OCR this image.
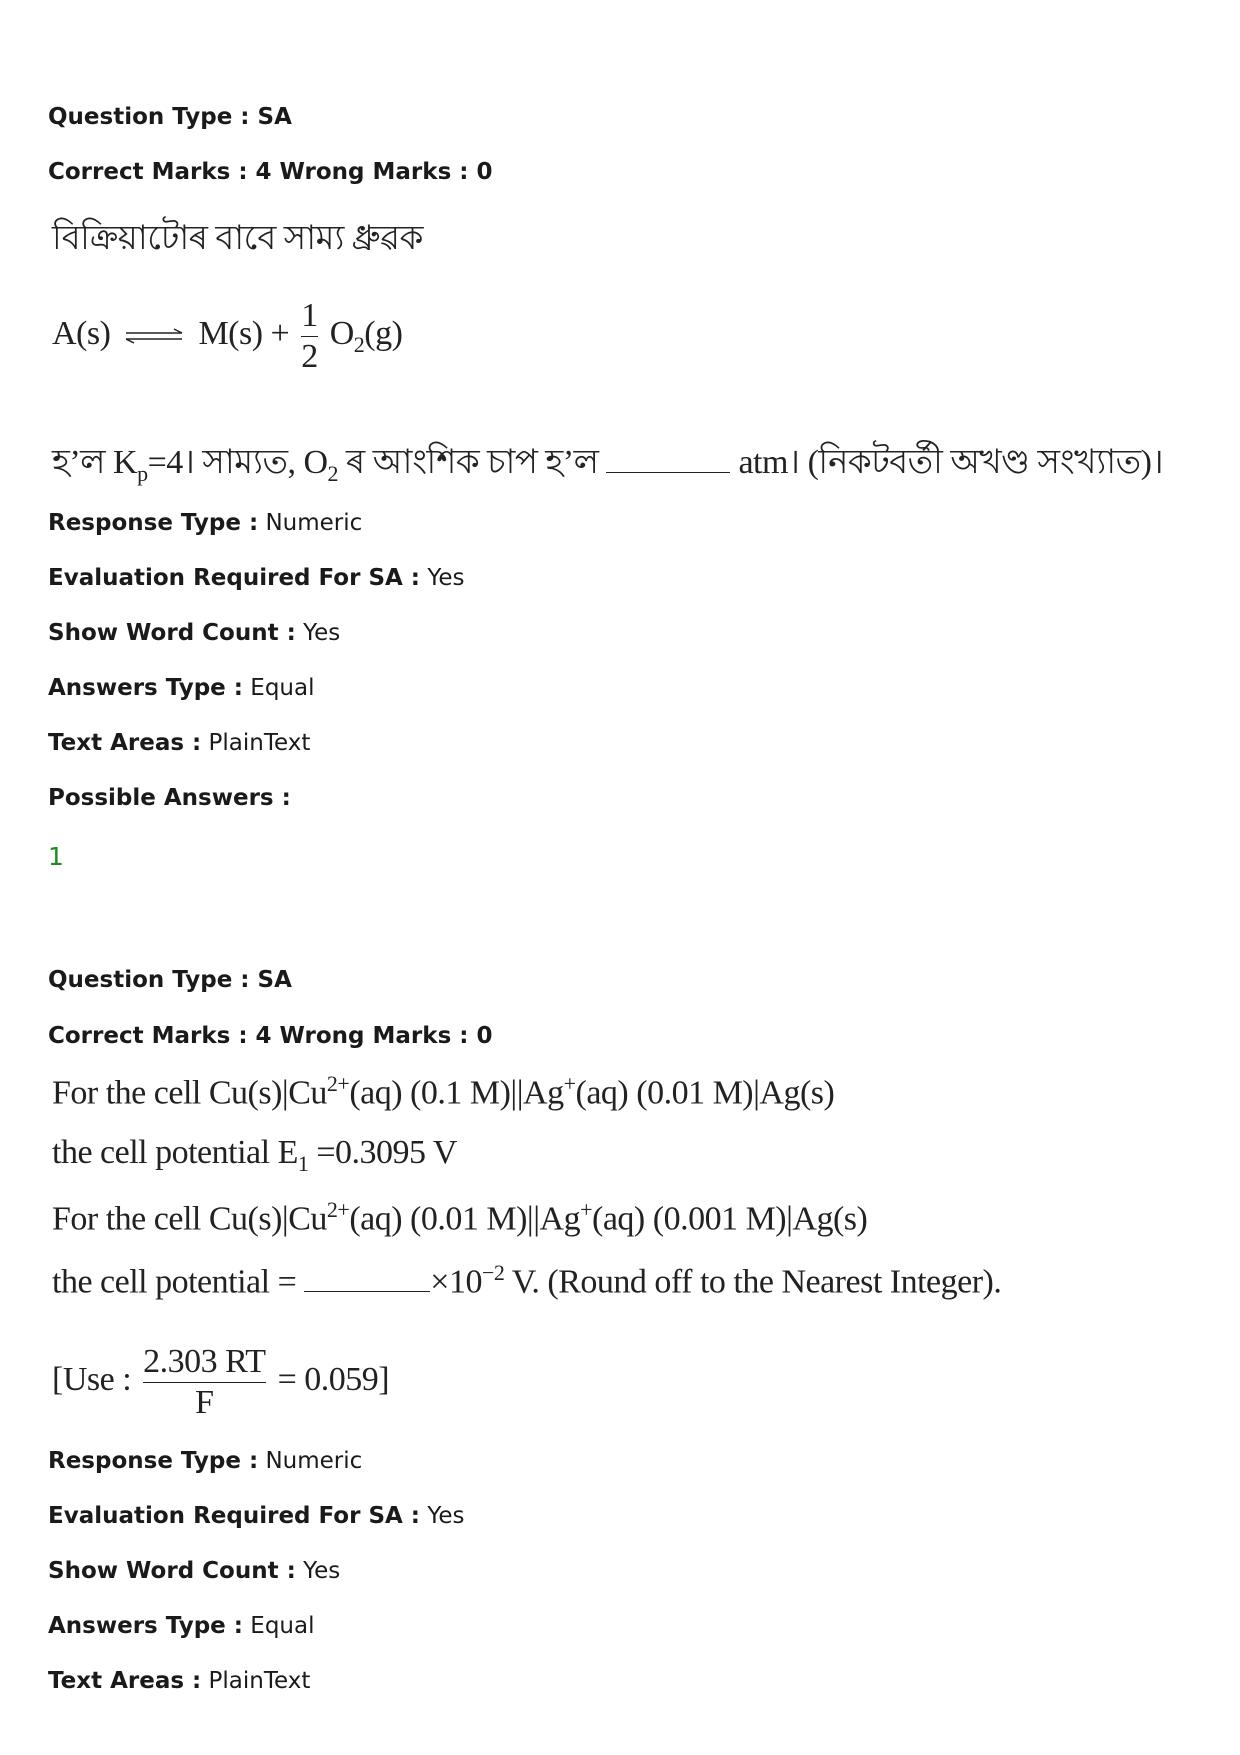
Question Type : SA
Correct Marks : 4 Wrong Marks : 0
বিক্ৰিয়াটোৰ বাবে সাম্য ধ্ৰুৱক
A(s) ⇌ $M(s) + \frac{1}{2} O_2(g)$
হ’ল $K_p=4।$ সাম্যত, $O_2$ ৰ আংশিক চাপ হ’ল	atm। (নিকটবৰ্তী অখণ্ড সংখ্যাত)।
Response Type : Numeric
Evaluation Required For SA : Yes
Show Word Count : Yes
Answers Type : Equal
Text Areas : PlainText
Possible Answers :
1
Question Type : SA
Correct Marks : 4 Wrong Marks : 0
For the cell $Cu(s)|Cu^{2+}(aq)$ (0.1 M)||Ag+(aq) (0.01 M)|Ag(s)
the cell potential $E_1 =0.3095$ V
For the cell $Cu(s)|Cu^{2+}(aq)$ (0.01 M)||Ag+(aq) (0.001 M)|Ag(s)
the cell potential =	$\times 10^{-2}$ V. (Round off to the Nearest Integer).
[Use : $\frac{2.303 RT}{F} = 0.059$]
Response Type : Numeric
Evaluation Required For SA : Yes
Show Word Count : Yes
Answers Type : Equal
Text Areas : PlainText
